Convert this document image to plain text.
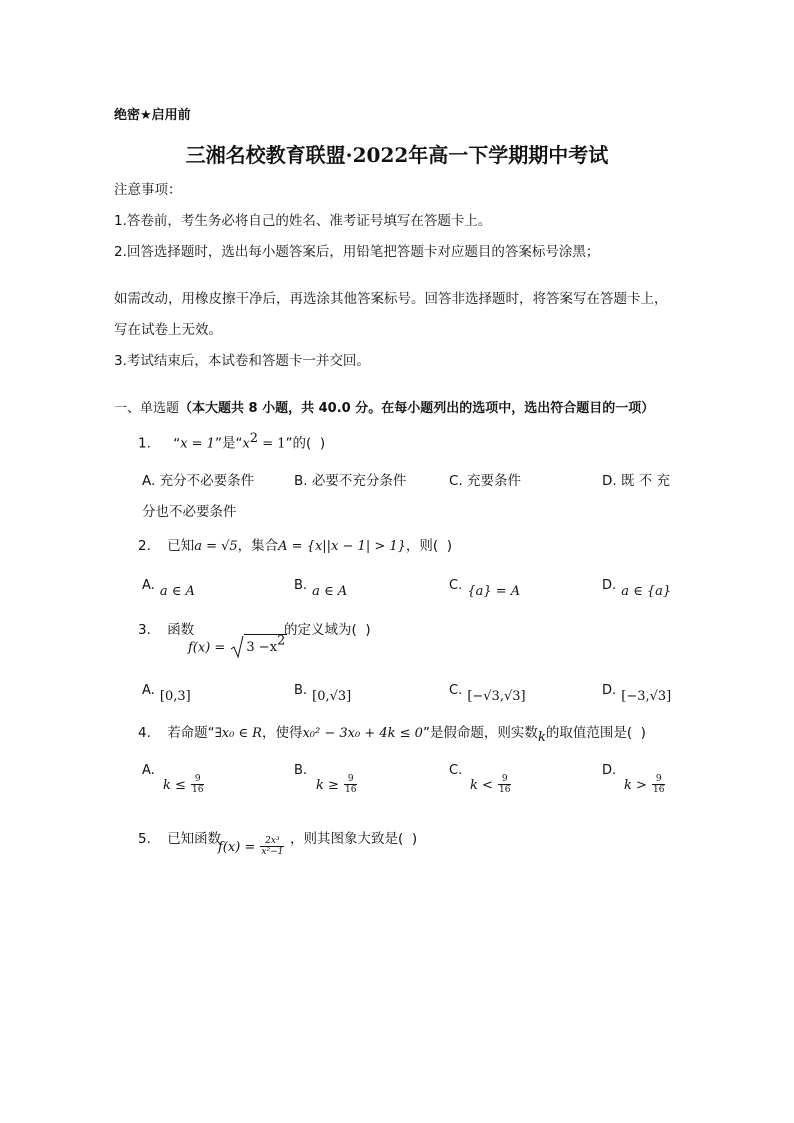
绝密★启用前
三湘名校教育联盟·2022年高一下学期期中考试
注意事项：
1.答卷前，考生务必将自己的姓名、准考证号填写在答题卡上。
2.回答选择题时，选出每小题答案后，用铅笔把答题卡对应题目的答案标号涂黑；
如需改动，用橡皮擦干净后，再选涂其他答案标号。回答非选择题时，将答案写在答题卡上，
写在试卷上无效。
3.考试结束后，本试卷和答题卡一并交回。
一、单选题（本大题共 8 小题，共 40.0 分。在每小题列出的选项中，选出符合题目的一项）
1. “x = 1”是“$x^2 = 1$”的(  )
A. 充分不必要条件	B. 必要不充分条件	C. 充要条件	D. 既 不 充
分也不必要条件
2. 已知a = √5，集合A = {x||x − 1| > 1}，则(  )
A. $_{a \in A}$	B. $_{a \in A}$	C. $_{\{a\} = A}$	D. $_{a \in \{a\}}$
3. 函数
$f(x) = 3 -x^2$
的定义域为(  )
A. $_{[0,3]}$	B. $_{[0,√3]}$	C. $_{[-√3,√3]}$	D. $_{[-3,√3]}$
4. 若命题“∃x₀ ∈ R，使得x₀² − 3x₀ + 4k ≤ 0”是假命题，则实数k的取值范围是(  )
A.
$k \le \frac{9}{16}$
B.
$k \ge \frac{9}{16}$
C.
$k < \frac{9}{16}$
D.
$k > \frac{9}{16}$
5. 已知函数
$f(x) = \frac{\text{2x³}}{\text{x²−1}}$ ，则其图象大致是(  )
